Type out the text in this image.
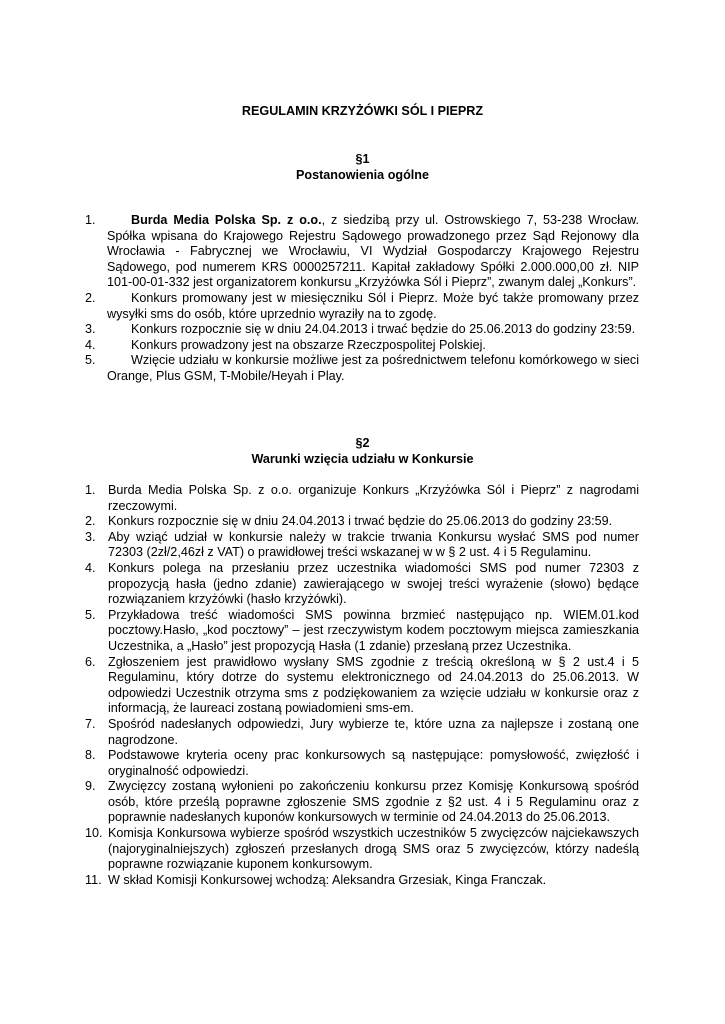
REGULAMIN KRZYŻÓWKI SÓL I PIEPRZ
§1
Postanowienia ogólne
1.	Burda Media Polska Sp. z o.o., z siedzibą przy ul. Ostrowskiego 7, 53-238 Wrocław. Spółka wpisana do Krajowego Rejestru Sądowego prowadzonego przez Sąd Rejonowy dla Wrocławia - Fabrycznej we Wrocławiu, VI Wydział Gospodarczy Krajowego Rejestru Sądowego, pod numerem KRS 0000257211. Kapitał zakładowy Spółki 2.000.000,00 zł. NIP 101-00-01-332 jest organizatorem konkursu „Krzyżówka Sól i Pieprz”, zwanym dalej „Konkurs”.
2.	Konkurs promowany jest w miesięczniku Sól i Pieprz. Może być także promowany przez wysyłki sms do osób, które uprzednio wyraziły na to zgodę.
3.	Konkurs rozpocznie się w dniu 24.04.2013 i trwać będzie do 25.06.2013 do godziny 23:59.
4.	Konkurs prowadzony jest na obszarze Rzeczpospolitej Polskiej.
5.	Wzięcie udziału w konkursie możliwe jest za pośrednictwem telefonu komórkowego w sieci Orange, Plus GSM, T-Mobile/Heyah i Play.
§2
Warunki wzięcia udziału w Konkursie
1. Burda Media Polska Sp. z o.o. organizuje Konkurs „Krzyżówka Sól i Pieprz” z nagrodami rzeczowymi.
2. Konkurs rozpocznie się w dniu 24.04.2013 i trwać będzie do 25.06.2013 do godziny 23:59.
3. Aby wziąć udział w konkursie należy w trakcie trwania Konkursu wysłać SMS pod numer 72303 (2zł/2,46zł z VAT) o prawidłowej treści wskazanej w w § 2 ust. 4 i 5 Regulaminu.
4. Konkurs polega na przesłaniu przez uczestnika wiadomości SMS pod numer 72303 z propozycją hasła (jedno zdanie) zawierającego w swojej treści wyrażenie (słowo) będące rozwiązaniem krzyżówki (hasło krzyżówki).
5. Przykładowa treść wiadomości SMS powinna brzmieć następująco np. WIEM.01.kod pocztowy.Hasło, „kod pocztowy” – jest rzeczywistym kodem pocztowym miejsca zamieszkania Uczestnika, a „Hasło” jest propozycją Hasła (1 zdanie) przesłaną przez Uczestnika.
6. Zgłoszeniem jest prawidłowo wysłany SMS zgodnie z treścią określoną w § 2 ust.4 i 5 Regulaminu, który dotrze do systemu elektronicznego od 24.04.2013 do 25.06.2013. W odpowiedzi Uczestnik otrzyma sms z podziękowaniem za wzięcie udziału w konkursie oraz z informacją, że laureaci zostaną powiadomieni sms-em.
7. Spośród nadesłanych odpowiedzi, Jury wybierze te, które uzna za najlepsze i zostaną one nagrodzone.
8. Podstawowe kryteria oceny prac konkursowych są następujące: pomysłowość, zwięzłość i oryginalność odpowiedzi.
9. Zwycięzcy zostaną wyłonieni po zakończeniu konkursu przez Komisję Konkursową spośród osób, które prześlą poprawne zgłoszenie SMS zgodnie z §2 ust. 4 i 5 Regulaminu oraz z poprawnie nadesłanych kuponów konkursowych w terminie od 24.04.2013 do 25.06.2013.
10. Komisja Konkursowa wybierze spośród wszystkich uczestników 5 zwycięzców najciekawszych (najoryginalniejszych) zgłoszeń przesłanych drogą SMS oraz 5 zwycięzców, którzy nadeślą poprawne rozwiązanie kuponem konkursowym.
11. W skład Komisji Konkursowej wchodzą: Aleksandra Grzesiak, Kinga Franczak.
